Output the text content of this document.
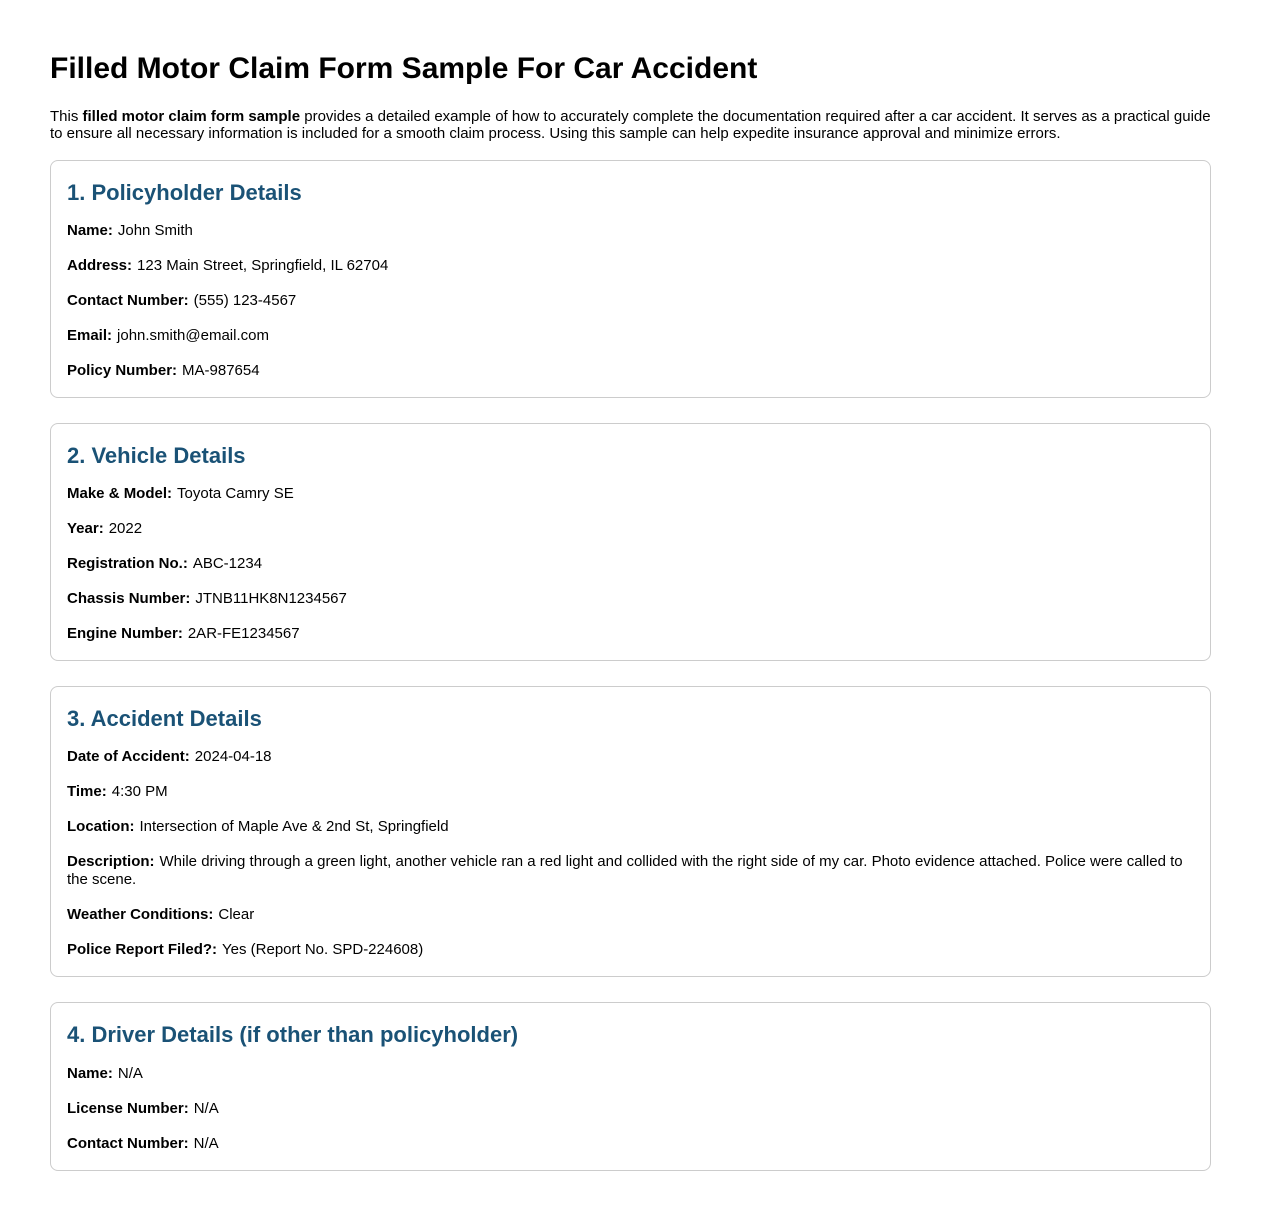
Filled Motor Claim Form Sample For Car Accident

This filled motor claim form sample provides a detailed example of how to accurately complete the documentation required after a car accident. It serves as a practical guide to ensure all necessary information is included for a smooth claim process. Using this sample can help expedite insurance approval and minimize errors.

1. Policyholder Details

Name: John Smith

Address: 123 Main Street, Springfield, IL 62704

Contact Number: (555) 123-4567

Email: john.smith@email.com

Policy Number: MA-987654

2. Vehicle Details

Make & Model: Toyota Camry SE

Year: 2022

Registration No.: ABC-1234

Chassis Number: JTNB11HK8N1234567

Engine Number: 2AR-FE1234567

3. Accident Details

Date of Accident: 2024-04-18

Time: 4:30 PM

Location: Intersection of Maple Ave & 2nd St, Springfield

Description: While driving through a green light, another vehicle ran a red light and collided with the right side of my car. Photo evidence attached. Police were called to the scene.

Weather Conditions: Clear

Police Report Filed?: Yes (Report No. SPD-224608)

4. Driver Details (if other than policyholder)

Name: N/A

License Number: N/A

Contact Number: N/A
